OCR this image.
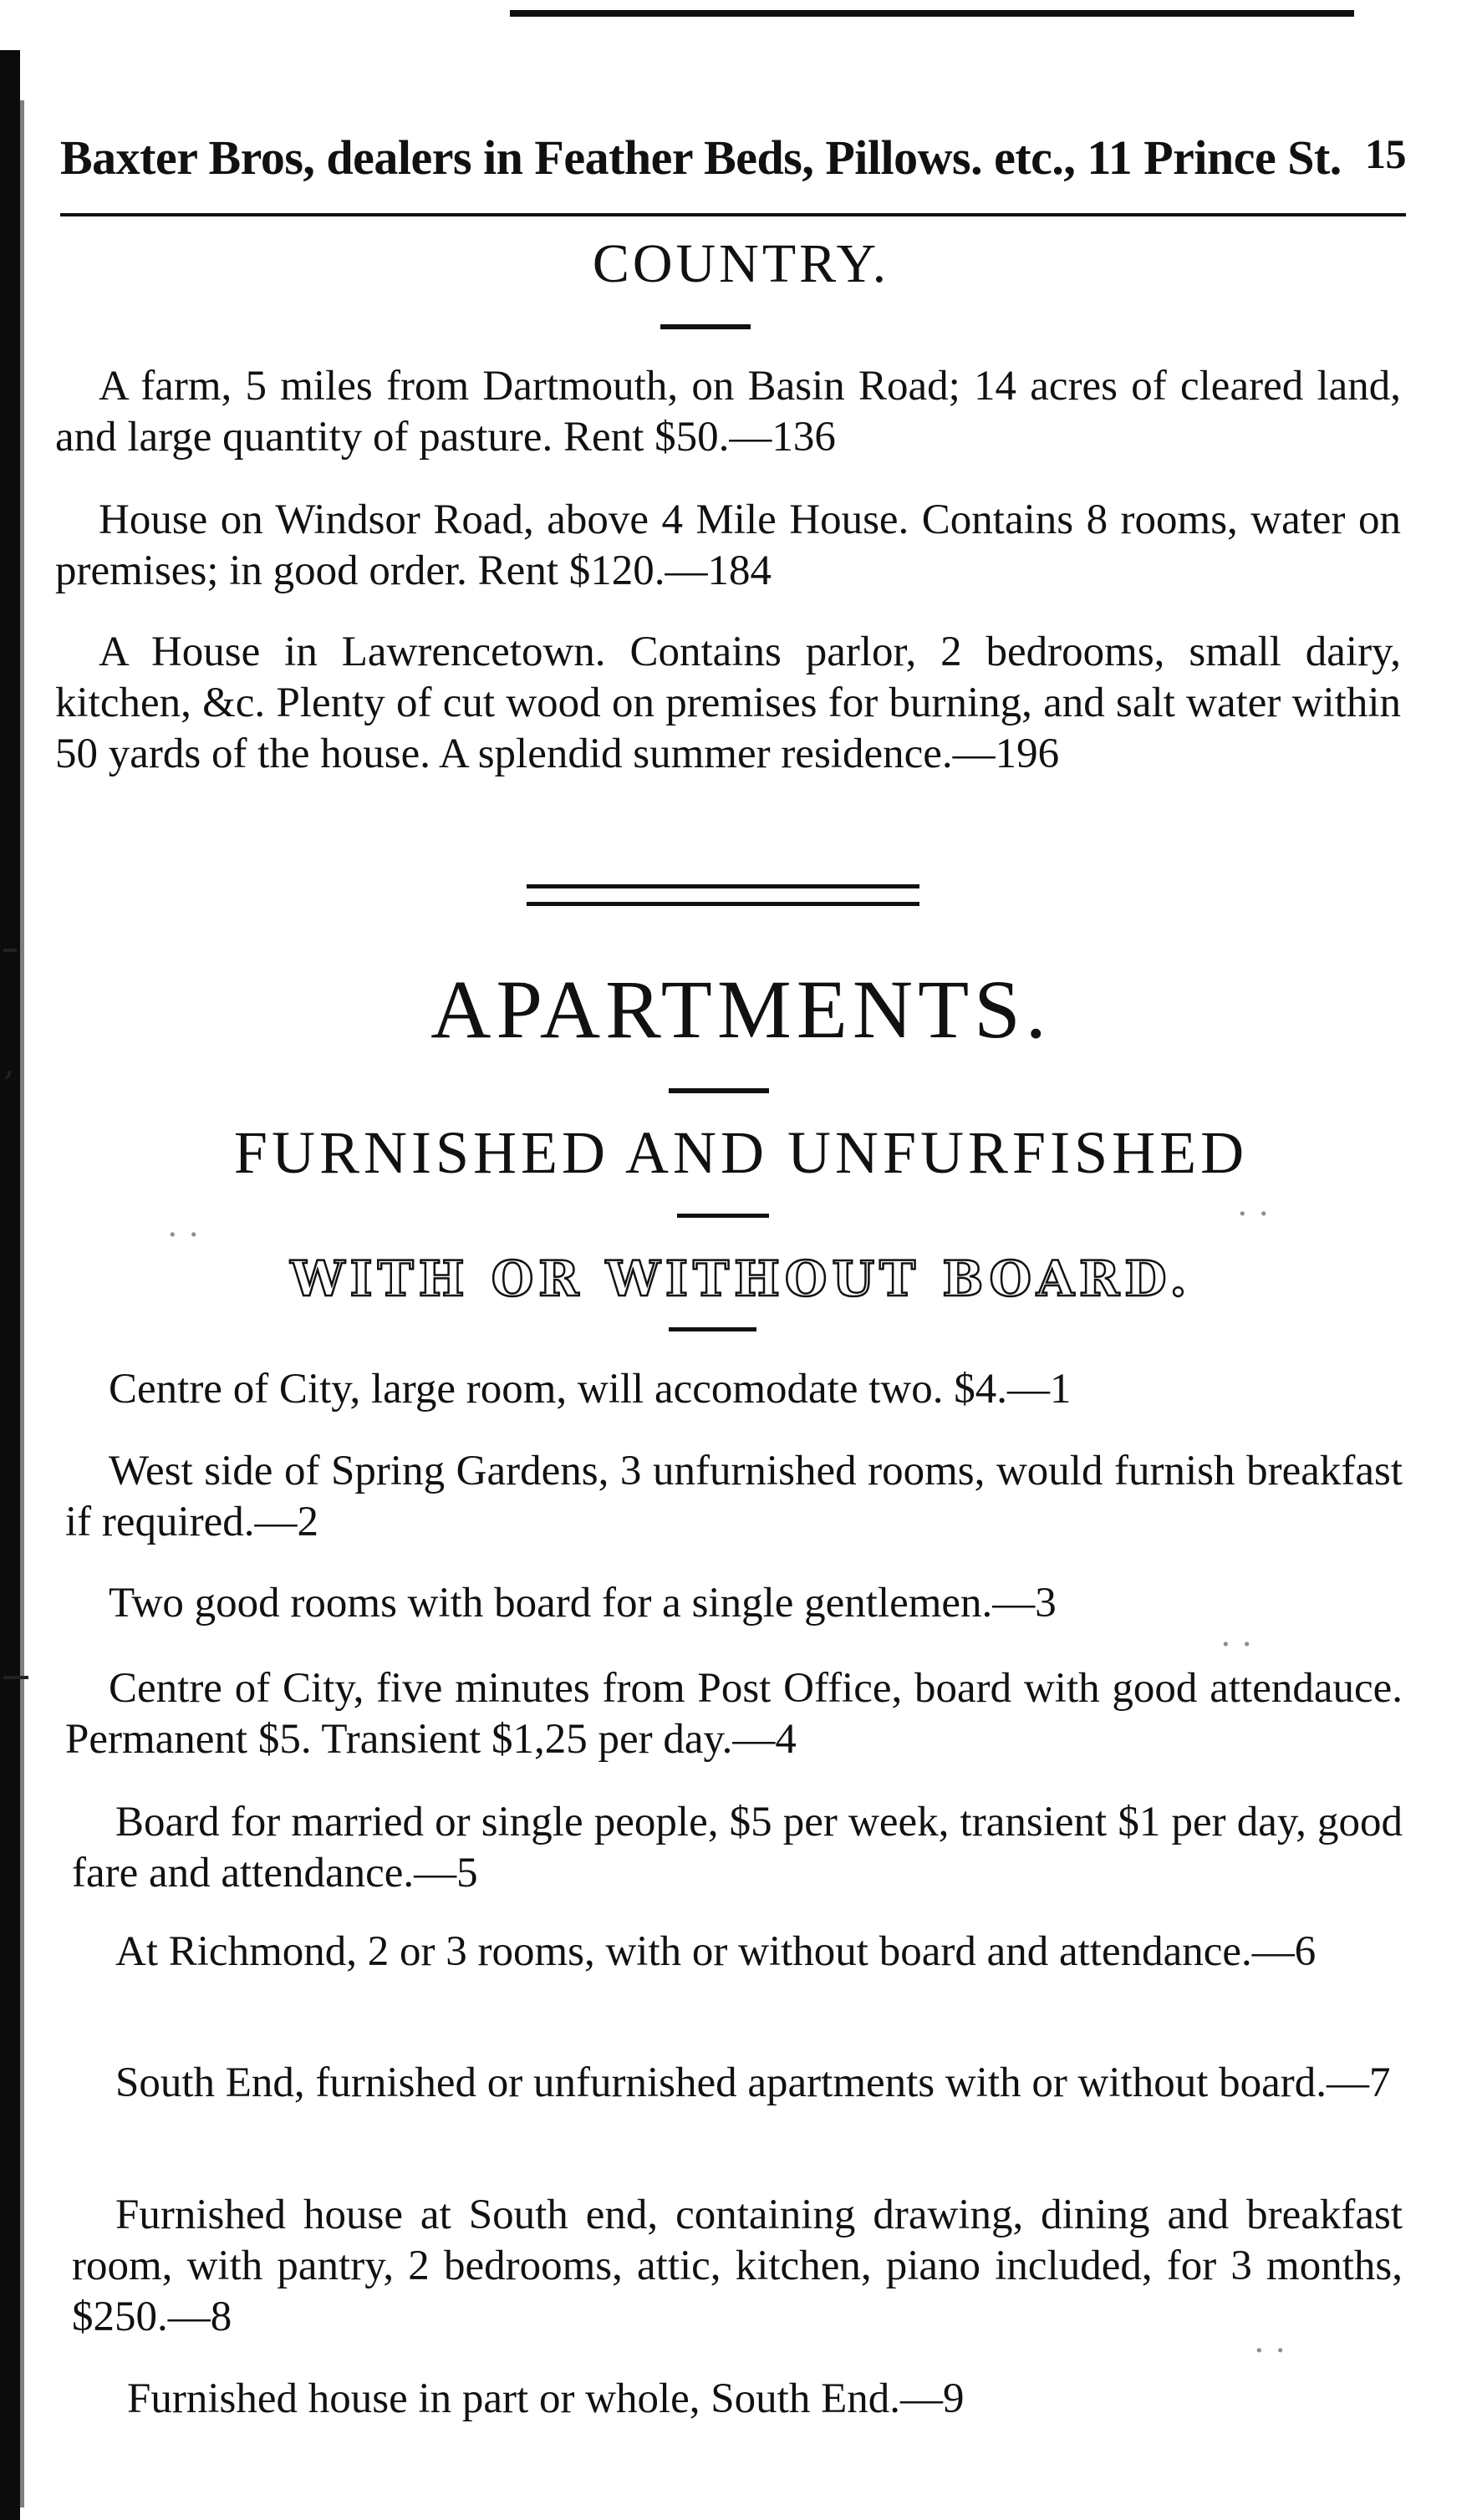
,
Baxter Bros, dealers in Feather Beds, Pillows. etc., 11 Prince St. 15
COUNTRY.

A farm, 5 miles from Dartmouth, on Basin Road; 14 acres of cleared land, and large quantity of pasture. Rent $50.—136

House on Windsor Road, above 4 Mile House. Contains 8 rooms, water on premises; in good order. Rent $120.—184

A House in Lawrencetown. Contains parlor, 2 bedrooms, small dairy, kitchen, &c. Plenty of cut wood on premises for burning, and salt water within 50 yards of the house. A splendid summer residence.—196

APARTMENTS.
FURNISHED AND UNFURFISHED
WITH OR WITHOUT BOARD.

Centre of City, large room, will accomodate two. $4.—1

West side of Spring Gardens, 3 unfurnished rooms, would furnish breakfast if required.—2

Two good rooms with board for a single gentlemen.—3

Centre of City, five minutes from Post Office, board with good attendauce. Permanent $5. Transient $1,25 per day.—4

Board for married or single people, $5 per week, transient $1 per day, good fare and attendance.—5

At Richmond, 2 or 3 rooms, with or without board and attendance.—6

South End, furnished or unfurnished apartments with or without board.—7

Furnished house at South end, containing drawing, dining and breakfast room, with pantry, 2 bedrooms, attic, kitchen, piano included, for 3 months, $250.—8

Furnished house in part or whole, South End.—9

· ·
· ·
· ·
· ·
